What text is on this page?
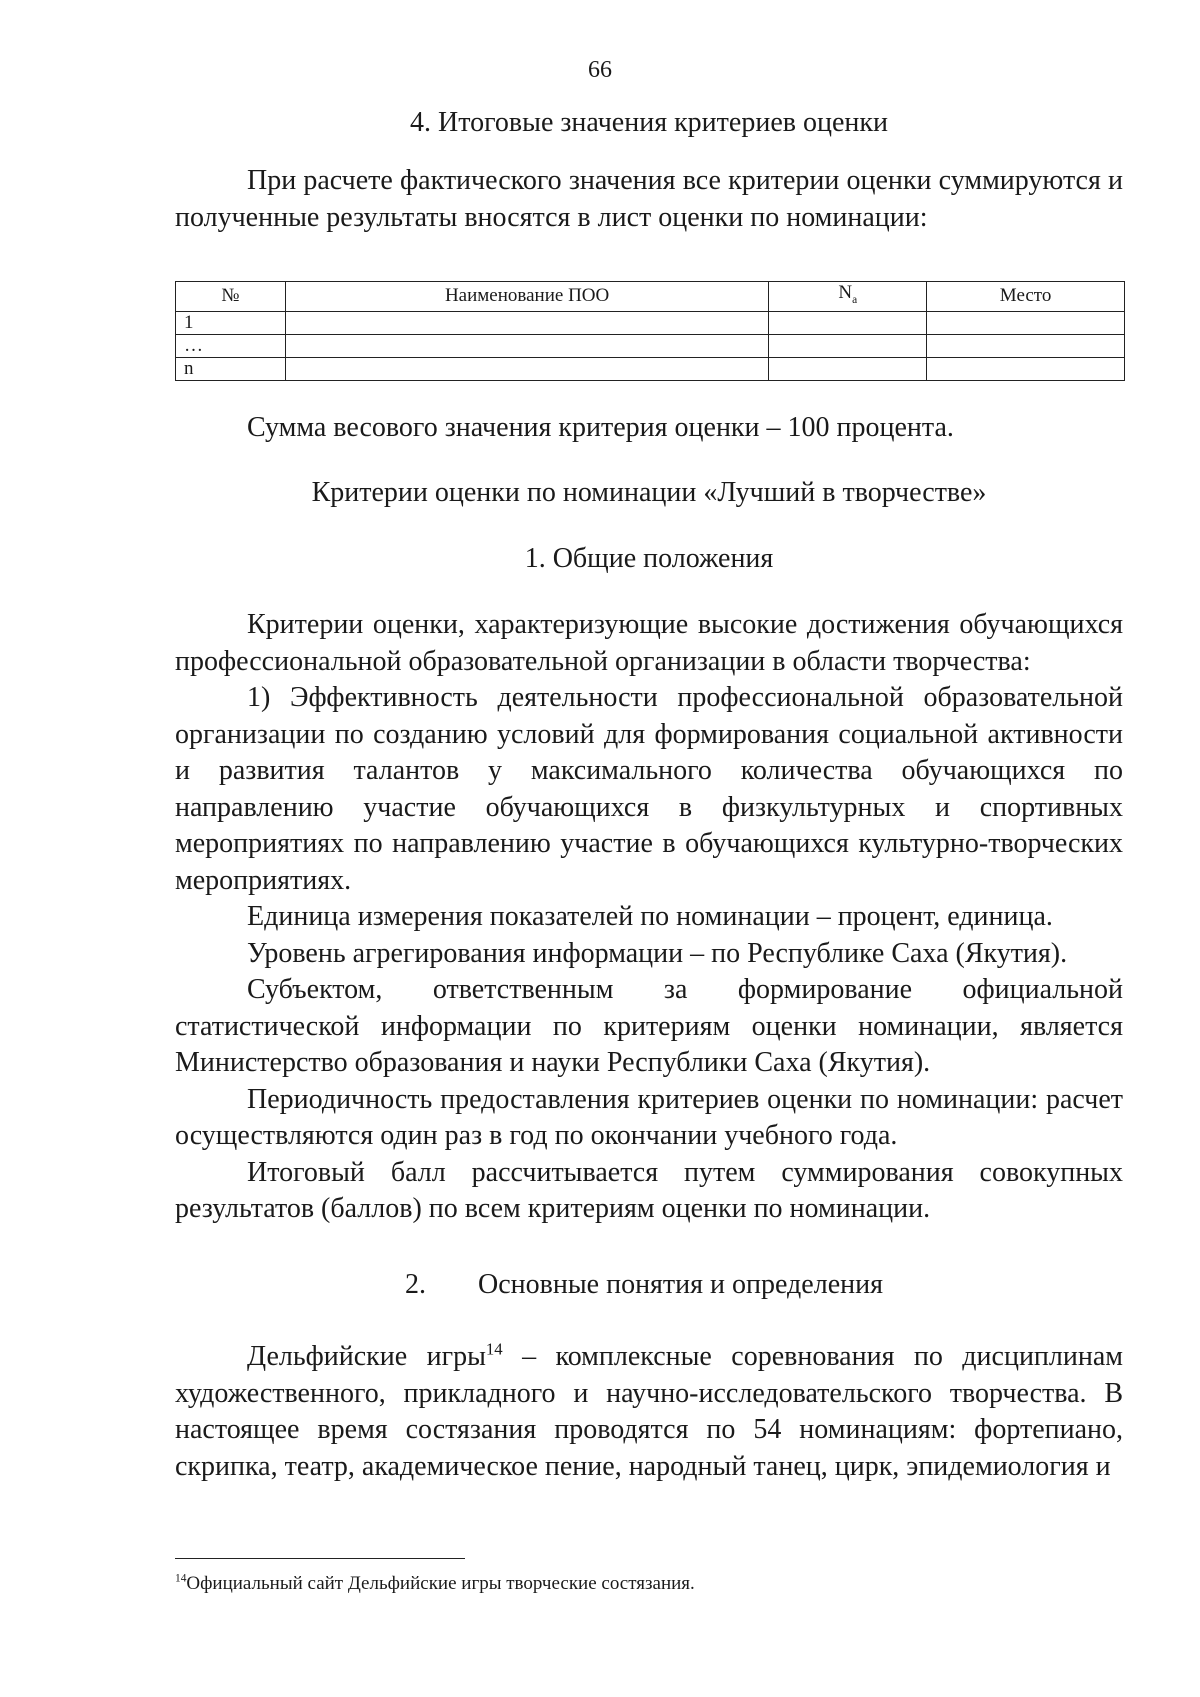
66
4. Итоговые значения критериев оценки

При расчете фактического значения все критерии оценки суммируются и полученные результаты вносятся в лист оценки по номинации:

№	Наименование ПОО	$N_а$	Место
1			
…			
n			

Сумма весового значения критерия оценки – 100 процента.

Критерии оценки по номинации «Лучший в творчестве»
1. Общие положения

Критерии оценки, характеризующие высокие достижения обучающихся профессиональной образовательной организации в области творчества:

1) Эффективность деятельности профессиональной образовательной организации по созданию условий для формирования социальной активности и развития талантов у максимального количества обучающихся по направлению участие обучающихся в физкультурных и спортивных мероприятиях по направлению участие в обучающихся культурно-творческих мероприятиях.

Единица измерения показателей по номинации – процент, единица.

Уровень агрегирования информации – по Республике Саха (Якутия).

Субъектом, ответственным за формирование официальной статистической информации по критериям оценки номинации, является Министерство образования и науки Республики Саха (Якутия).

Периодичность предоставления критериев оценки по номинации: расчет осуществляются один раз в год по окончании учебного года.

Итоговый балл рассчитывается путем суммирования совокупных результатов (баллов) по всем критериям оценки по номинации.

2. Основные понятия и определения

Дельфийские игры$^{14}$ – комплексные соревнования по дисциплинам художественного, прикладного и научно-исследовательского творчества. В настоящее время состязания проводятся по 54 номинациям: фортепиано, скрипка, театр, академическое пение, народный танец, цирк, эпидемиология и

$^{14}$Официальный сайт Дельфийские игры творческие состязания.
